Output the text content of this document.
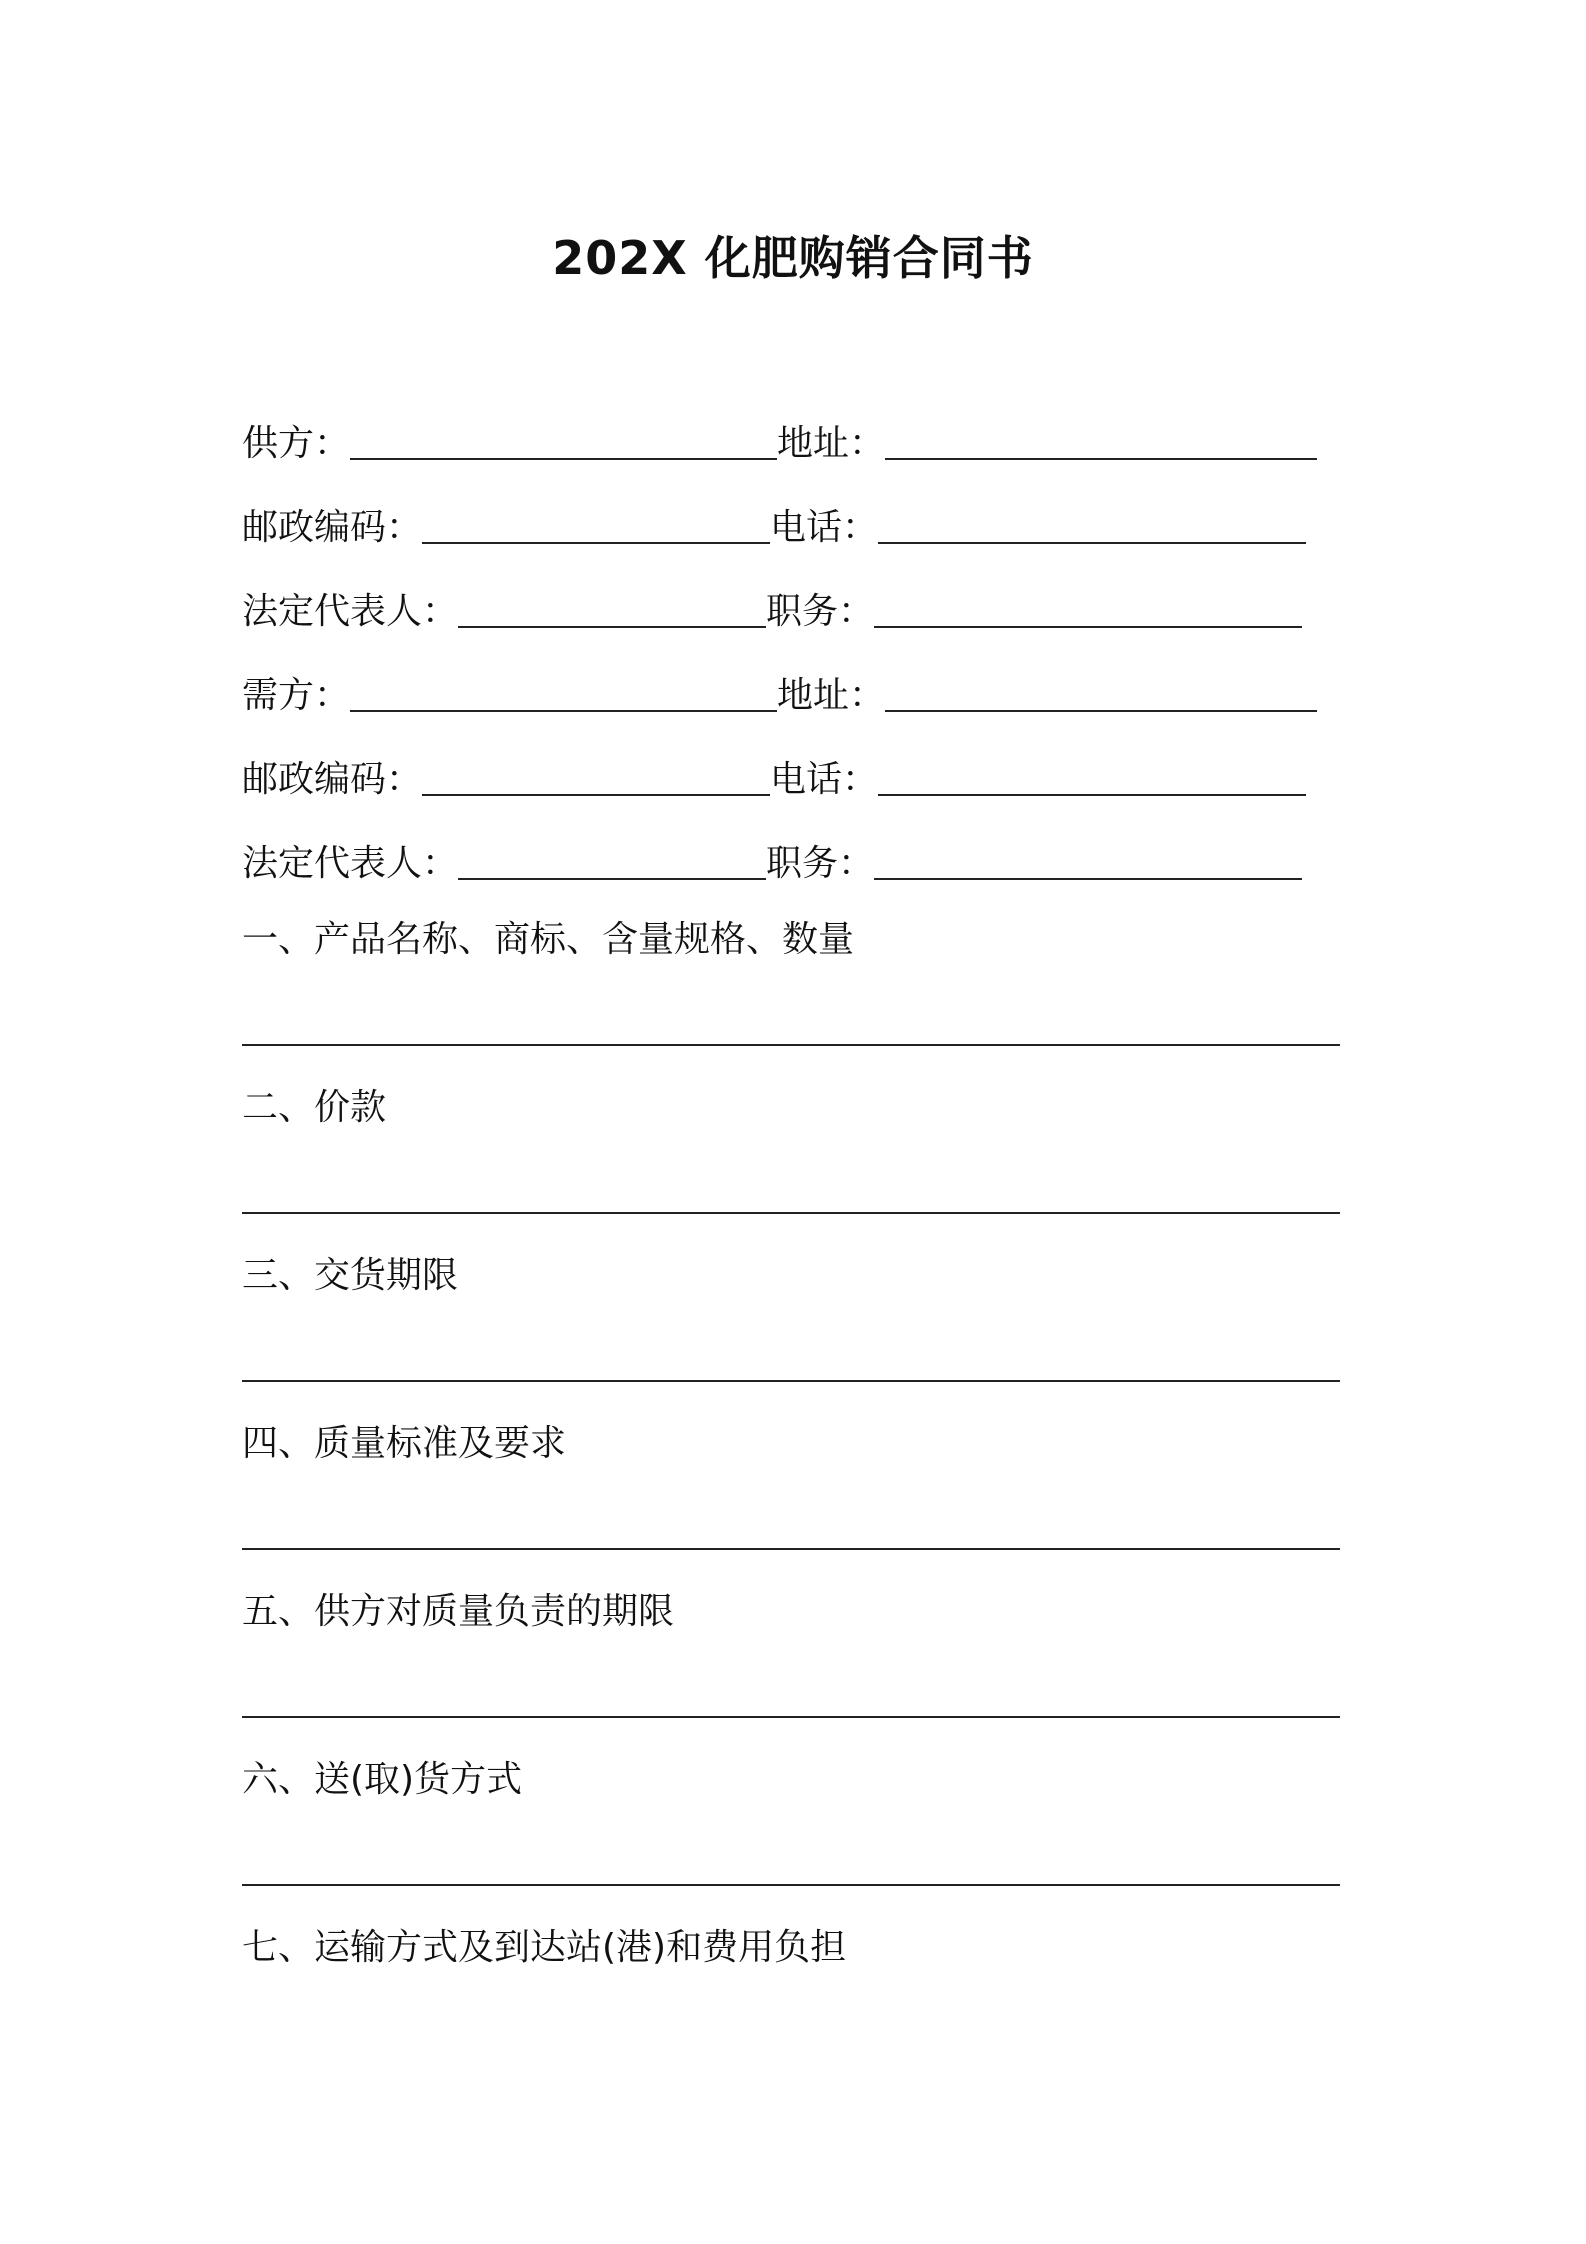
202X 化肥购销合同书
供方：	地址：
邮政编码：	电话：
法定代表人：	职务：
需方：	地址：
邮政编码：	电话：
法定代表人：	职务：
一、产品名称、商标、含量规格、数量
二、价款
三、交货期限
四、质量标准及要求
五、供方对质量负责的期限
六、送(取)货方式
七、运输方式及到达站(港)和费用负担
